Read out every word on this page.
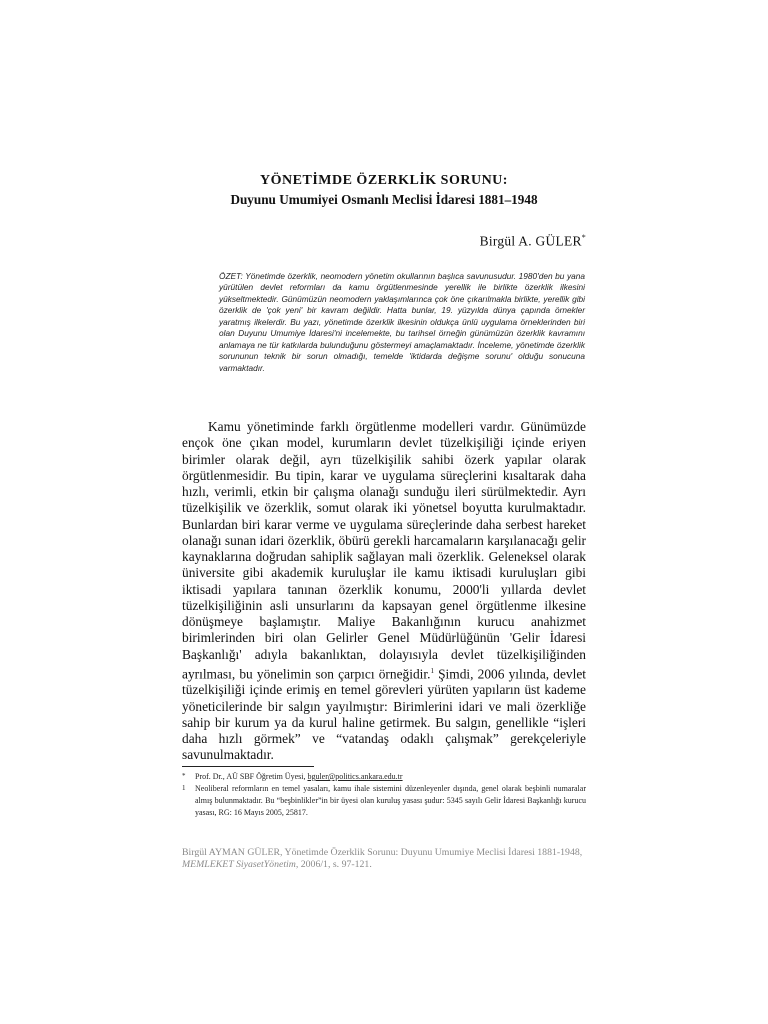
YÖNETİMDE ÖZERKLİK SORUNU:

Duyunu Umumiyei Osmanlı Meclisi İdaresi 1881–1948

Birgül A. GÜLER*

ÖZET: Yönetimde özerklik, neomodern yönetim okullarının başlıca savunusudur. 1980'den bu yana yürütülen devlet reformları da kamu örgütlenmesinde yerellik ile birlikte özerklik ilkesini yükseltmektedir. Günümüzün neomodern yaklaşımlarınca çok öne çıkarılmakla birlikte, yerellik gibi özerklik de 'çok yeni' bir kavram değildir. Hatta bunlar, 19. yüzyılda dünya çapında örnekler yaratmış ilkelerdir. Bu yazı, yönetimde özerklik ilkesinin oldukça ünlü uygulama örneklerinden biri olan Duyunu Umumiye İdaresi'ni incelemekte, bu tarihsel örneğin günümüzün özerklik kavramını anlamaya ne tür katkılarda bulunduğunu göstermeyi amaçlamaktadır. İnceleme, yönetimde özerklik sorununun teknik bir sorun olmadığı, temelde 'iktidarda değişme sorunu' olduğu sonucuna varmaktadır.

Kamu yönetiminde farklı örgütlenme modelleri vardır. Günümüzde ençok öne çıkan model, kurumların devlet tüzelkişiliği içinde eriyen birimler olarak değil, ayrı tüzelkişilik sahibi özerk yapılar olarak örgütlenmesidir. Bu tipin, karar ve uygulama süreçlerini kısaltarak daha hızlı, verimli, etkin bir çalışma olanağı sunduğu ileri sürülmektedir. Ayrı tüzelkişilik ve özerklik, somut olarak iki yönetsel boyutta kurulmaktadır. Bunlardan biri karar verme ve uygulama süreçlerinde daha serbest hareket olanağı sunan idari özerklik, öbürü gerekli harcamaların karşılanacağı gelir kaynaklarına doğrudan sahiplik sağlayan mali özerklik. Geleneksel olarak üniversite gibi akademik kuruluşlar ile kamu iktisadi kuruluşları gibi iktisadi yapılara tanınan özerklik konumu, 2000'li yıllarda devlet tüzelkişiliğinin asli unsurlarını da kapsayan genel örgütlenme ilkesine dönüşmeye başlamıştır. Maliye Bakanlığının kurucu anahizmet birimlerinden biri olan Gelirler Genel Müdürlüğünün 'Gelir İdaresi Başkanlığı' adıyla bakanlıktan, dolayısıyla devlet tüzelkişiliğinden ayrılması, bu yönelimin son çarpıcı örneğidir.$^1$ Şimdi, 2006 yılında, devlet tüzelkişiliği içinde erimiş en temel görevleri yürüten yapıların üst kademe yöneticilerinde bir salgın yayılmıştır: Birimlerini idari ve mali özerkliğe sahip bir kurum ya da kurul haline getirmek. Bu salgın, genellikle “işleri daha hızlı görmek” ve “vatandaş odaklı çalışmak” gerekçeleriyle savunulmaktadır.

* Prof. Dr., AÜ SBF Öğretim Üyesi, bguler@politics.ankara.edu.tr

1 Neoliberal reformların en temel yasaları, kamu ihale sistemini düzenleyenler dışında, genel olarak beşbinli numaralar almış bulunmaktadır. Bu “beşbinlikler”in bir üyesi olan kuruluş yasası şudur: 5345 sayılı Gelir İdaresi Başkanlığı kurucu yasası, RG: 16 Mayıs 2005, 25817.

Birgül AYMAN GÜLER, Yönetimde Özerklik Sorunu: Duyunu Umumiye Meclisi İdaresi 1881-1948, MEMLEKET SiyasetYönetim, 2006/1, s. 97-121.
